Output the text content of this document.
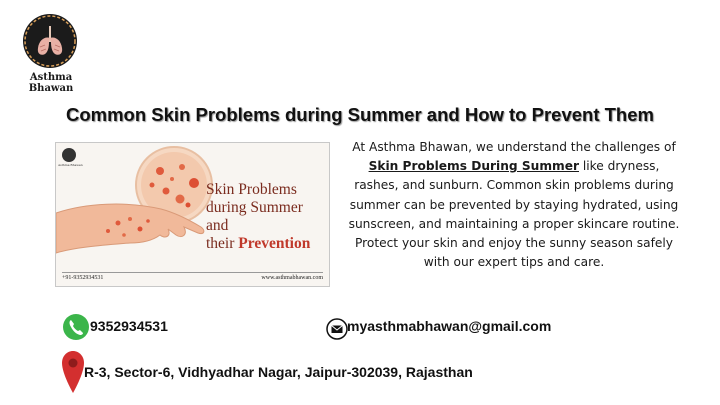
Asthma Bhawan
Common Skin Problems during Summer and How to Prevent Them
Asthma Bhawan
Skin Problems
during Summer and
their Prevention
+91-9352934531	www.asthmabhawan.com
At Asthma Bhawan, we understand the challenges of Skin Problems During Summer like dryness, rashes, and sunburn. Common skin problems during summer can be prevented by staying hydrated, using sunscreen, and maintaining a proper skincare routine. Protect your skin and enjoy the sunny season safely with our expert tips and care.
9352934531	myasthmabhawan@gmail.com
R-3, Sector-6, Vidhyadhar Nagar, Jaipur-302039, Rajasthan
